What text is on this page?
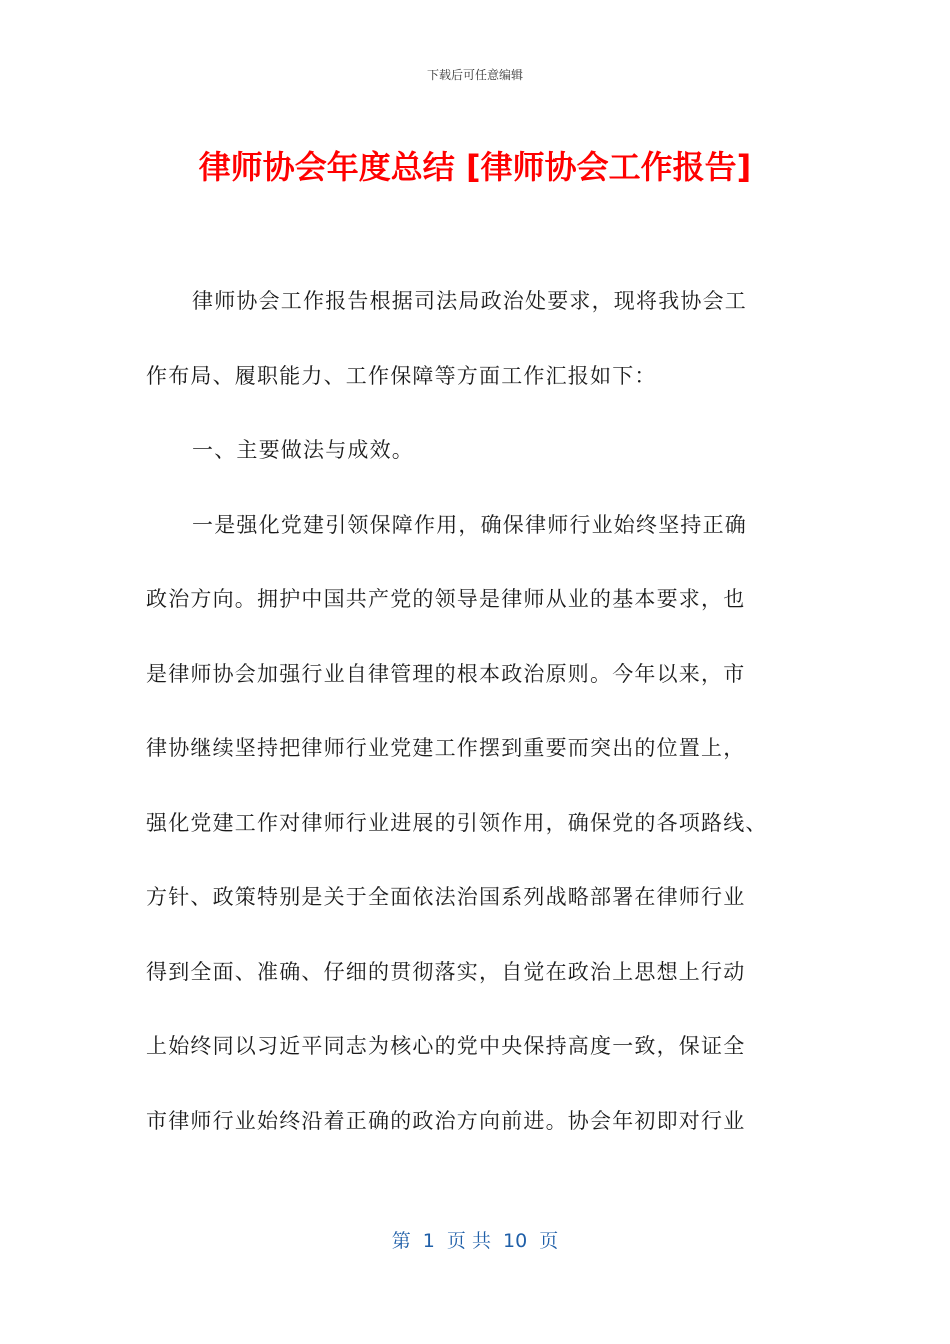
下载后可任意编辑
律师协会年度总结 [律师协会工作报告]
律师协会工作报告根据司法局政治处要求，现将我协会工
作布局、履职能力、工作保障等方面工作汇报如下：
一、主要做法与成效。
一是强化党建引领保障作用，确保律师行业始终坚持正确
政治方向。拥护中国共产党的领导是律师从业的基本要求，也
是律师协会加强行业自律管理的根本政治原则。今年以来，市
律协继续坚持把律师行业党建工作摆到重要而突出的位置上，
强化党建工作对律师行业进展的引领作用，确保党的各项路线、
方针、政策特别是关于全面依法治国系列战略部署在律师行业
得到全面、准确、仔细的贯彻落实，自觉在政治上思想上行动
上始终同以习近平同志为核心的党中央保持高度一致，保证全
市律师行业始终沿着正确的政治方向前进。协会年初即对行业
第  1  页 共  10  页
